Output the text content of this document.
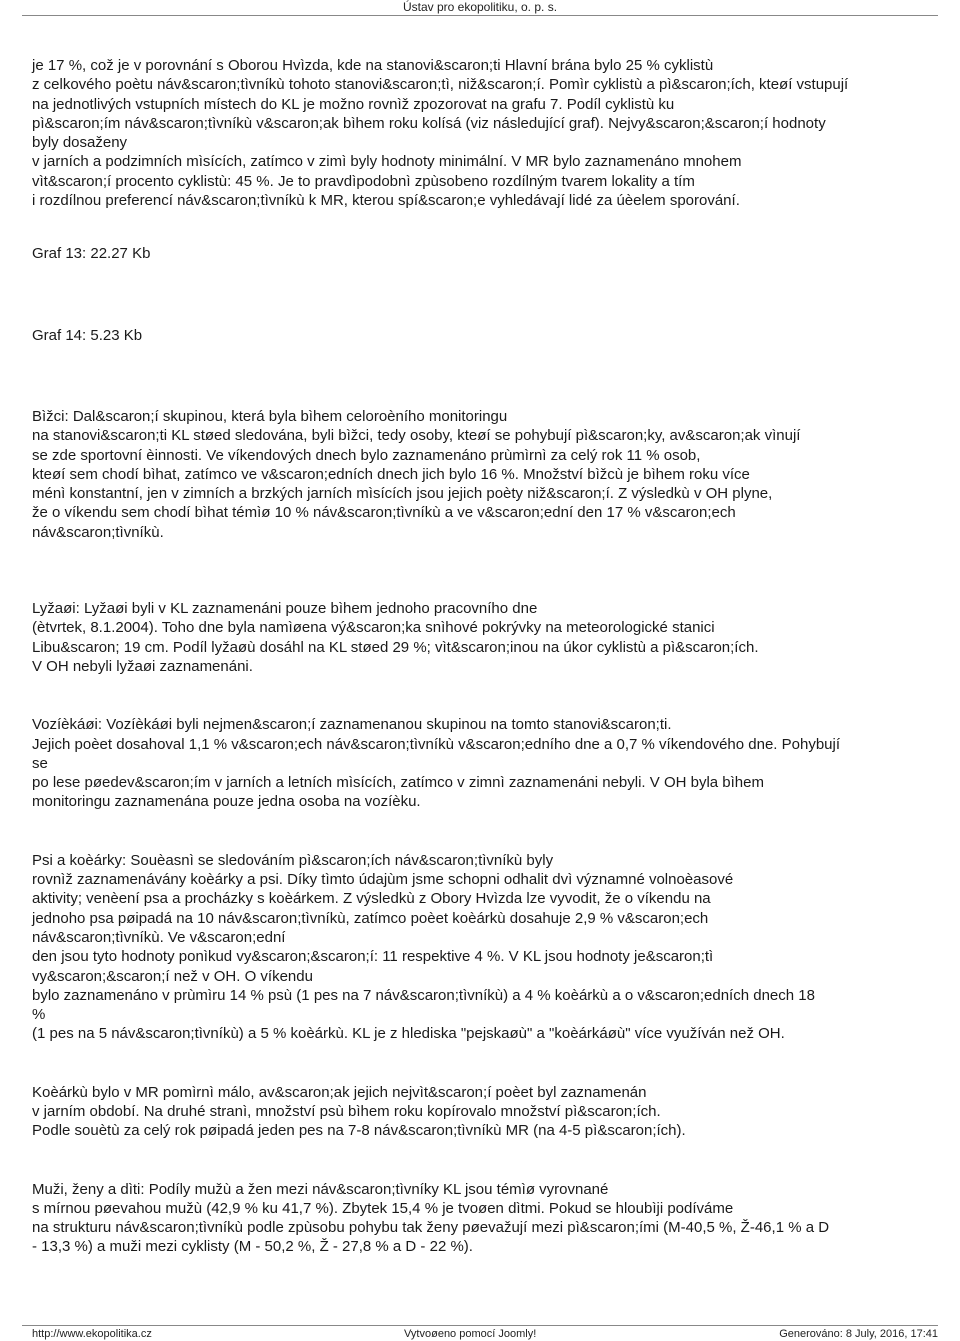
Ústav pro ekopolitiku, o. p. s.
je 17 %, což je v porovnání s Oborou Hvìzda, kde na stanovi&scaron;ti Hlavní brána bylo 25 % cyklistù
z celkového poètu náv&scaron;tìvníkù tohoto stanovi&scaron;tì, niž&scaron;í. Pomìr cyklistù a pì&scaron;ích, kteøí vstupují
na jednotlivých vstupních místech do KL je možno rovnìž zpozorovat na grafu 7. Podíl cyklistù ku
pì&scaron;ím náv&scaron;tìvníkù v&scaron;ak bìhem roku kolísá (viz následující graf). Nejvy&scaron;&scaron;í hodnoty
byly dosaženy
v jarních a podzimních mìsících, zatímco v zimì byly hodnoty minimální. V MR bylo zaznamenáno mnohem
vìt&scaron;í procento cyklistù: 45 %. Je to pravdìpodobnì zpùsobeno rozdílným tvarem lokality a tím
i rozdílnou preferencí náv&scaron;tìvníkù k MR, kterou spí&scaron;e vyhledávají lidé za úèelem sporování.
Graf 13: 22.27 Kb
Graf 14: 5.23 Kb
Bìžci: Dal&scaron;í skupinou, která byla bìhem celoroèního monitoringu
na stanovi&scaron;ti KL støed sledována, byli bìžci, tedy osoby, kteøí se pohybují pì&scaron;ky, av&scaron;ak vìnují
se zde sportovní èinnosti. Ve víkendových dnech bylo zaznamenáno prùmìrnì za celý rok 11 % osob,
kteøí sem chodí bìhat, zatímco ve v&scaron;edních dnech jich bylo 16 %. Množství bìžcù je bìhem roku více
ménì konstantní, jen v zimních a brzkých jarních mìsících jsou jejich poèty niž&scaron;í. Z výsledkù v OH plyne,
že o víkendu sem chodí bìhat témìø 10 % náv&scaron;tìvníkù a ve v&scaron;ední den 17 % v&scaron;ech
náv&scaron;tìvníkù.
Lyžaøi: Lyžaøi byli v KL zaznamenáni pouze bìhem jednoho pracovního dne
(ètvrtek, 8.1.2004). Toho dne byla namìøena vý&scaron;ka snìhové pokrývky na meteorologické stanici
Libu&scaron; 19 cm. Podíl lyžaøù dosáhl na KL støed 29 %; vìt&scaron;inou na úkor cyklistù a pì&scaron;ích.
V OH nebyli lyžaøi zaznamenáni.
Vozíèkáøi: Vozíèkáøi byli nejmen&scaron;í zaznamenanou skupinou na tomto stanovi&scaron;ti.
Jejich poèet dosahoval 1,1 % v&scaron;ech náv&scaron;tìvníkù v&scaron;edního dne a 0,7 % víkendového dne. Pohybují
se
po lese pøedev&scaron;ím v jarních a letních mìsících, zatímco v zimnì zaznamenáni nebyli. V OH byla bìhem
monitoringu zaznamenána pouze jedna osoba na vozíèku.
Psi a koèárky: Souèasnì se sledováním pì&scaron;ích náv&scaron;tìvníkù byly
rovnìž zaznamenávány koèárky a psi. Díky tìmto údajùm jsme schopni odhalit dvì významné volnoèasové
aktivity; venèení psa a procházky s koèárkem. Z výsledkù z Obory Hvìzda lze vyvodit, že o víkendu na
jednoho psa pøipadá na 10 náv&scaron;tìvníkù, zatímco poèet koèárkù dosahuje 2,9 % v&scaron;ech
náv&scaron;tìvníkù. Ve v&scaron;ední
den jsou tyto hodnoty ponìkud vy&scaron;&scaron;í: 11 respektive 4 %. V KL jsou hodnoty je&scaron;tì
vy&scaron;&scaron;í než v OH. O víkendu
bylo zaznamenáno v prùmìru 14 % psù (1 pes na 7 náv&scaron;tìvníkù) a 4 % koèárkù a o v&scaron;edních dnech 18
%
(1 pes na 5 náv&scaron;tìvníkù) a 5 % koèárkù. KL je z hlediska "pejskaøù" a "koèárkáøù" více využíván než OH.
Koèárkù bylo v MR pomìrnì málo, av&scaron;ak jejich nejvìt&scaron;í poèet byl zaznamenán
v jarním období. Na druhé stranì, množství psù bìhem roku kopírovalo množství pì&scaron;ích.
Podle souètù za celý rok pøipadá jeden pes na 7-8 náv&scaron;tìvníkù MR (na 4-5 pì&scaron;ích).
Muži, ženy a dìti: Podíly mužù a žen mezi náv&scaron;tìvníky KL jsou témìø vyrovnané
s mírnou pøevahou mužù (42,9 % ku 41,7 %). Zbytek 15,4 % je tvoøen dìtmi. Pokud se hloubìji podíváme
na strukturu náv&scaron;tìvníkù podle zpùsobu pohybu tak ženy pøevažují mezi pì&scaron;ími (M-40,5 %, Ž-46,1 % a D
- 13,3 %) a muži mezi cyklisty (M - 50,2 %, Ž - 27,8 % a D - 22 %).
http://www.ekopolitika.cz	Vytvoøeno pomocí Joomly!	Generováno: 8 July, 2016, 17:41
